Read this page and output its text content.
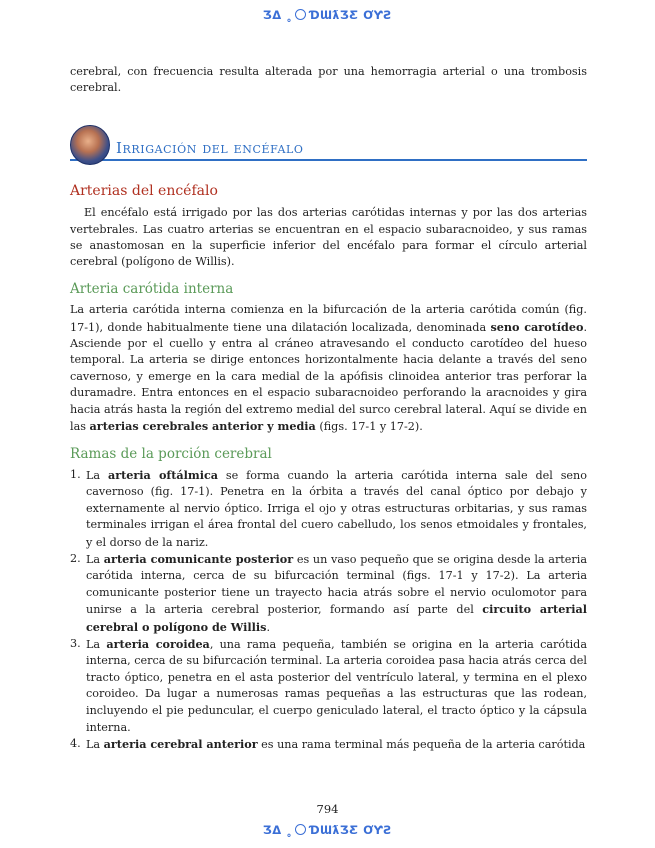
ƷΔ ˳ ƊƜƛƷƸ ƠƳƧ

cerebral, con frecuencia resulta alterada por una hemorragia arterial o una trombosis cerebral.

Irrigación del encéfalo
Arterias del encéfalo

El encéfalo está irrigado por las dos arterias carótidas internas y por las dos arterias vertebrales. Las cuatro arterias se encuentran en el espacio subaracnoideo, y sus ramas se anastomosan en la superficie inferior del encéfalo para formar el círculo arterial cerebral (polígono de Willis).

Arteria carótida interna

La arteria carótida interna comienza en la bifurcación de la arteria carótida común (fig. 17-1), donde habitualmente tiene una dilatación localizada, denominada seno carotídeo. Asciende por el cuello y entra al cráneo atravesando el conducto carotídeo del hueso temporal. La arteria se dirige entonces horizontalmente hacia delante a través del seno cavernoso, y emerge en la cara medial de la apófisis clinoidea anterior tras perforar la duramadre. Entra entonces en el espacio subaracnoideo perforando la aracnoides y gira hacia atrás hasta la región del extremo medial del surco cerebral lateral. Aquí se divide en las arterias cerebrales anterior y media (figs. 17-1 y 17-2).

Ramas de la porción cerebral
1. La arteria oftálmica se forma cuando la arteria carótida interna sale del seno cavernoso (fig. 17-1). Penetra en la órbita a través del canal óptico por debajo y externamente al nervio óptico. Irriga el ojo y otras estructuras orbitarias, y sus ramas terminales irrigan el área frontal del cuero cabelludo, los senos etmoidales y frontales, y el dorso de la nariz.
2. La arteria comunicante posterior es un vaso pequeño que se origina desde la arteria carótida interna, cerca de su bifurcación terminal (figs. 17-1 y 17-2). La arteria comunicante posterior tiene un trayecto hacia atrás sobre el nervio oculomotor para unirse a la arteria cerebral posterior, formando así parte del circuito arterial cerebral o polígono de Willis.
3. La arteria coroidea, una rama pequeña, también se origina en la arteria carótida interna, cerca de su bifurcación terminal. La arteria coroidea pasa hacia atrás cerca del tracto óptico, penetra en el asta posterior del ventrículo lateral, y termina en el plexo coroideo. Da lugar a numerosas ramas pequeñas a las estructuras que las rodean, incluyendo el pie peduncular, el cuerpo geniculado lateral, el tracto óptico y la cápsula interna.
4. La arteria cerebral anterior es una rama terminal más pequeña de la arteria carótida
794
ƷΔ ˳ ƊƜƛƷƸ ƠƳƧ
